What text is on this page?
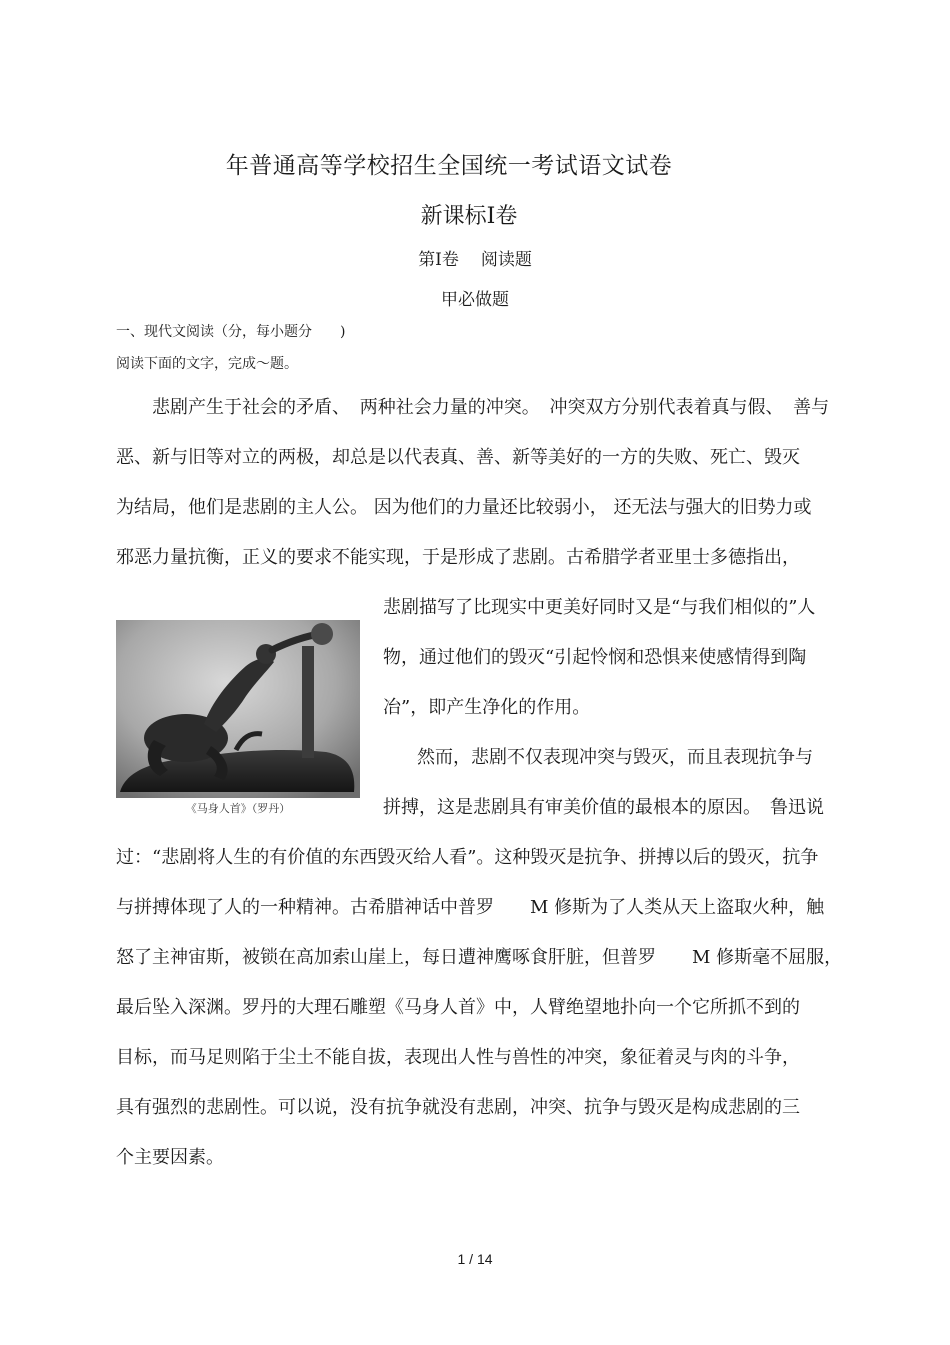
年普通高等学校招生全国统一考试语文试卷
新课标Ⅰ卷
第Ⅰ卷 阅读题
甲必做题
一、现代文阅读（分，每小题分　　)
阅读下面的文字，完成～题。
悲剧产生于社会的矛盾、 两种社会力量的冲突。 冲突双方分别代表着真与假、 善与
恶、新与旧等对立的两极，却总是以代表真、善、新等美好的一方的失败、死亡、毁灭
为结局，他们是悲剧的主人公。 因为他们的力量还比较弱小， 还无法与强大的旧势力或
邪恶力量抗衡，正义的要求不能实现，于是形成了悲剧。古希腊学者亚里士多德指出，
《马身人首》（罗丹）
悲剧描写了比现实中更美好同时又是“与我们相似的”人
物，通过他们的毁灭“引起怜悯和恐惧来使感情得到陶
冶”，即产生净化的作用。
然而，悲剧不仅表现冲突与毁灭，而且表现抗争与
拼搏，这是悲剧具有审美价值的最根本的原因。　鲁迅说
过：“悲剧将人生的有价值的东西毁灭给人看”。这种毁灭是抗争、拼搏以后的毁灭，抗争
与拼搏体现了人的一种精神。古希腊神话中普罗　　M 修斯为了人类从天上盗取火种，触
怒了主神宙斯，被锁在高加索山崖上，每日遭神鹰啄食肝脏，但普罗　　M 修斯毫不屈服，
最后坠入深渊。罗丹的大理石雕塑《马身人首》中，人臂绝望地扑向一个它所抓不到的
目标，而马足则陷于尘土不能自拔，表现出人性与兽性的冲突，象征着灵与肉的斗争，
具有强烈的悲剧性。可以说，没有抗争就没有悲剧，冲突、抗争与毁灭是构成悲剧的三
个主要因素。
1 / 14
